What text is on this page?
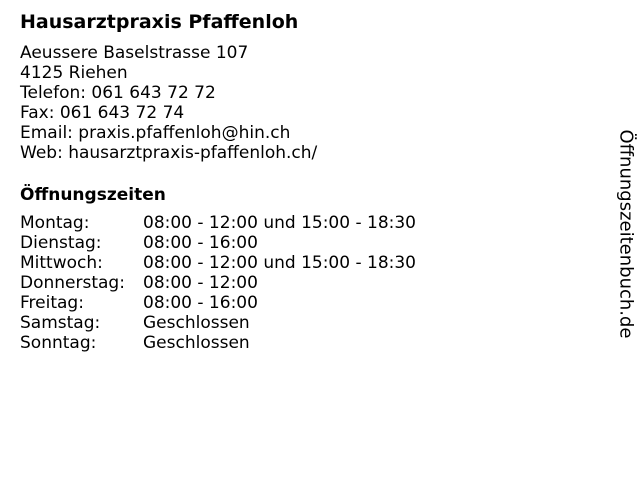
Hausarztpraxis Pfaffenloh
Aeussere Baselstrasse 107
4125 Riehen
Telefon: 061 643 72 72
Fax: 061 643 72 74
Email: praxis.pfaffenloh@hin.ch
Web: hausarztpraxis-pfaffenloh.ch/
Öffnungszeiten
Montag:	08:00 - 12:00 und 15:00 - 18:30
Dienstag:	08:00 - 16:00
Mittwoch:	08:00 - 12:00 und 15:00 - 18:30
Donnerstag:	08:00 - 12:00
Freitag:	08:00 - 16:00
Samstag:	Geschlossen
Sonntag:	Geschlossen
Öffnungszeitenbuch.de
